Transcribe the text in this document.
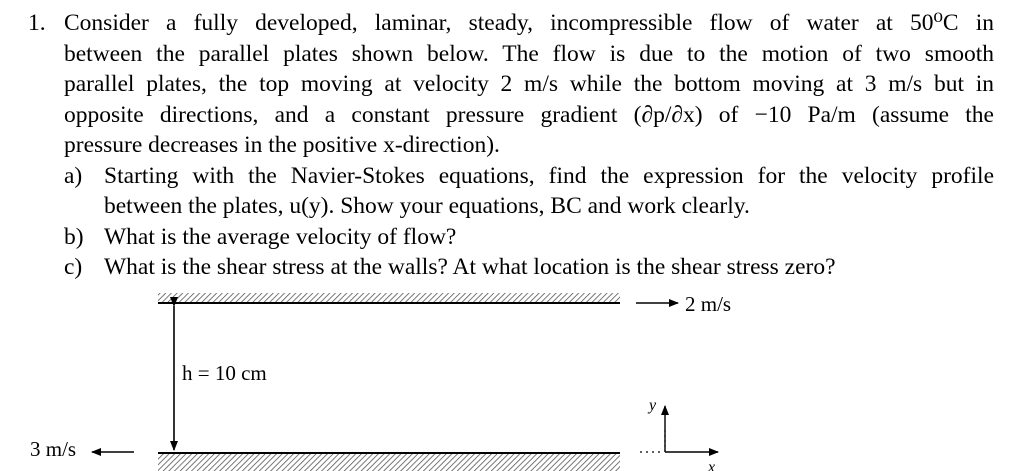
1. Consider a fully developed, laminar, steady, incompressible flow of water at 50⁰C in
between the parallel plates shown below. The flow is due to the motion of two smooth
parallel plates, the top moving at velocity 2 m/s while the bottom moving at 3 m/s but in
opposite directions, and a constant pressure gradient (∂p/∂x) of −10 Pa/m (assume the
pressure decreases in the positive x-direction).
a) Starting with the Navier-Stokes equations, find the expression for the velocity profile
between the plates, u(y). Show your equations, BC and work clearly.
b) What is the average velocity of flow?
c) What is the shear stress at the walls? At what location is the shear stress zero?
h = 10 cm
2 m/s
3 m/s
y
x
